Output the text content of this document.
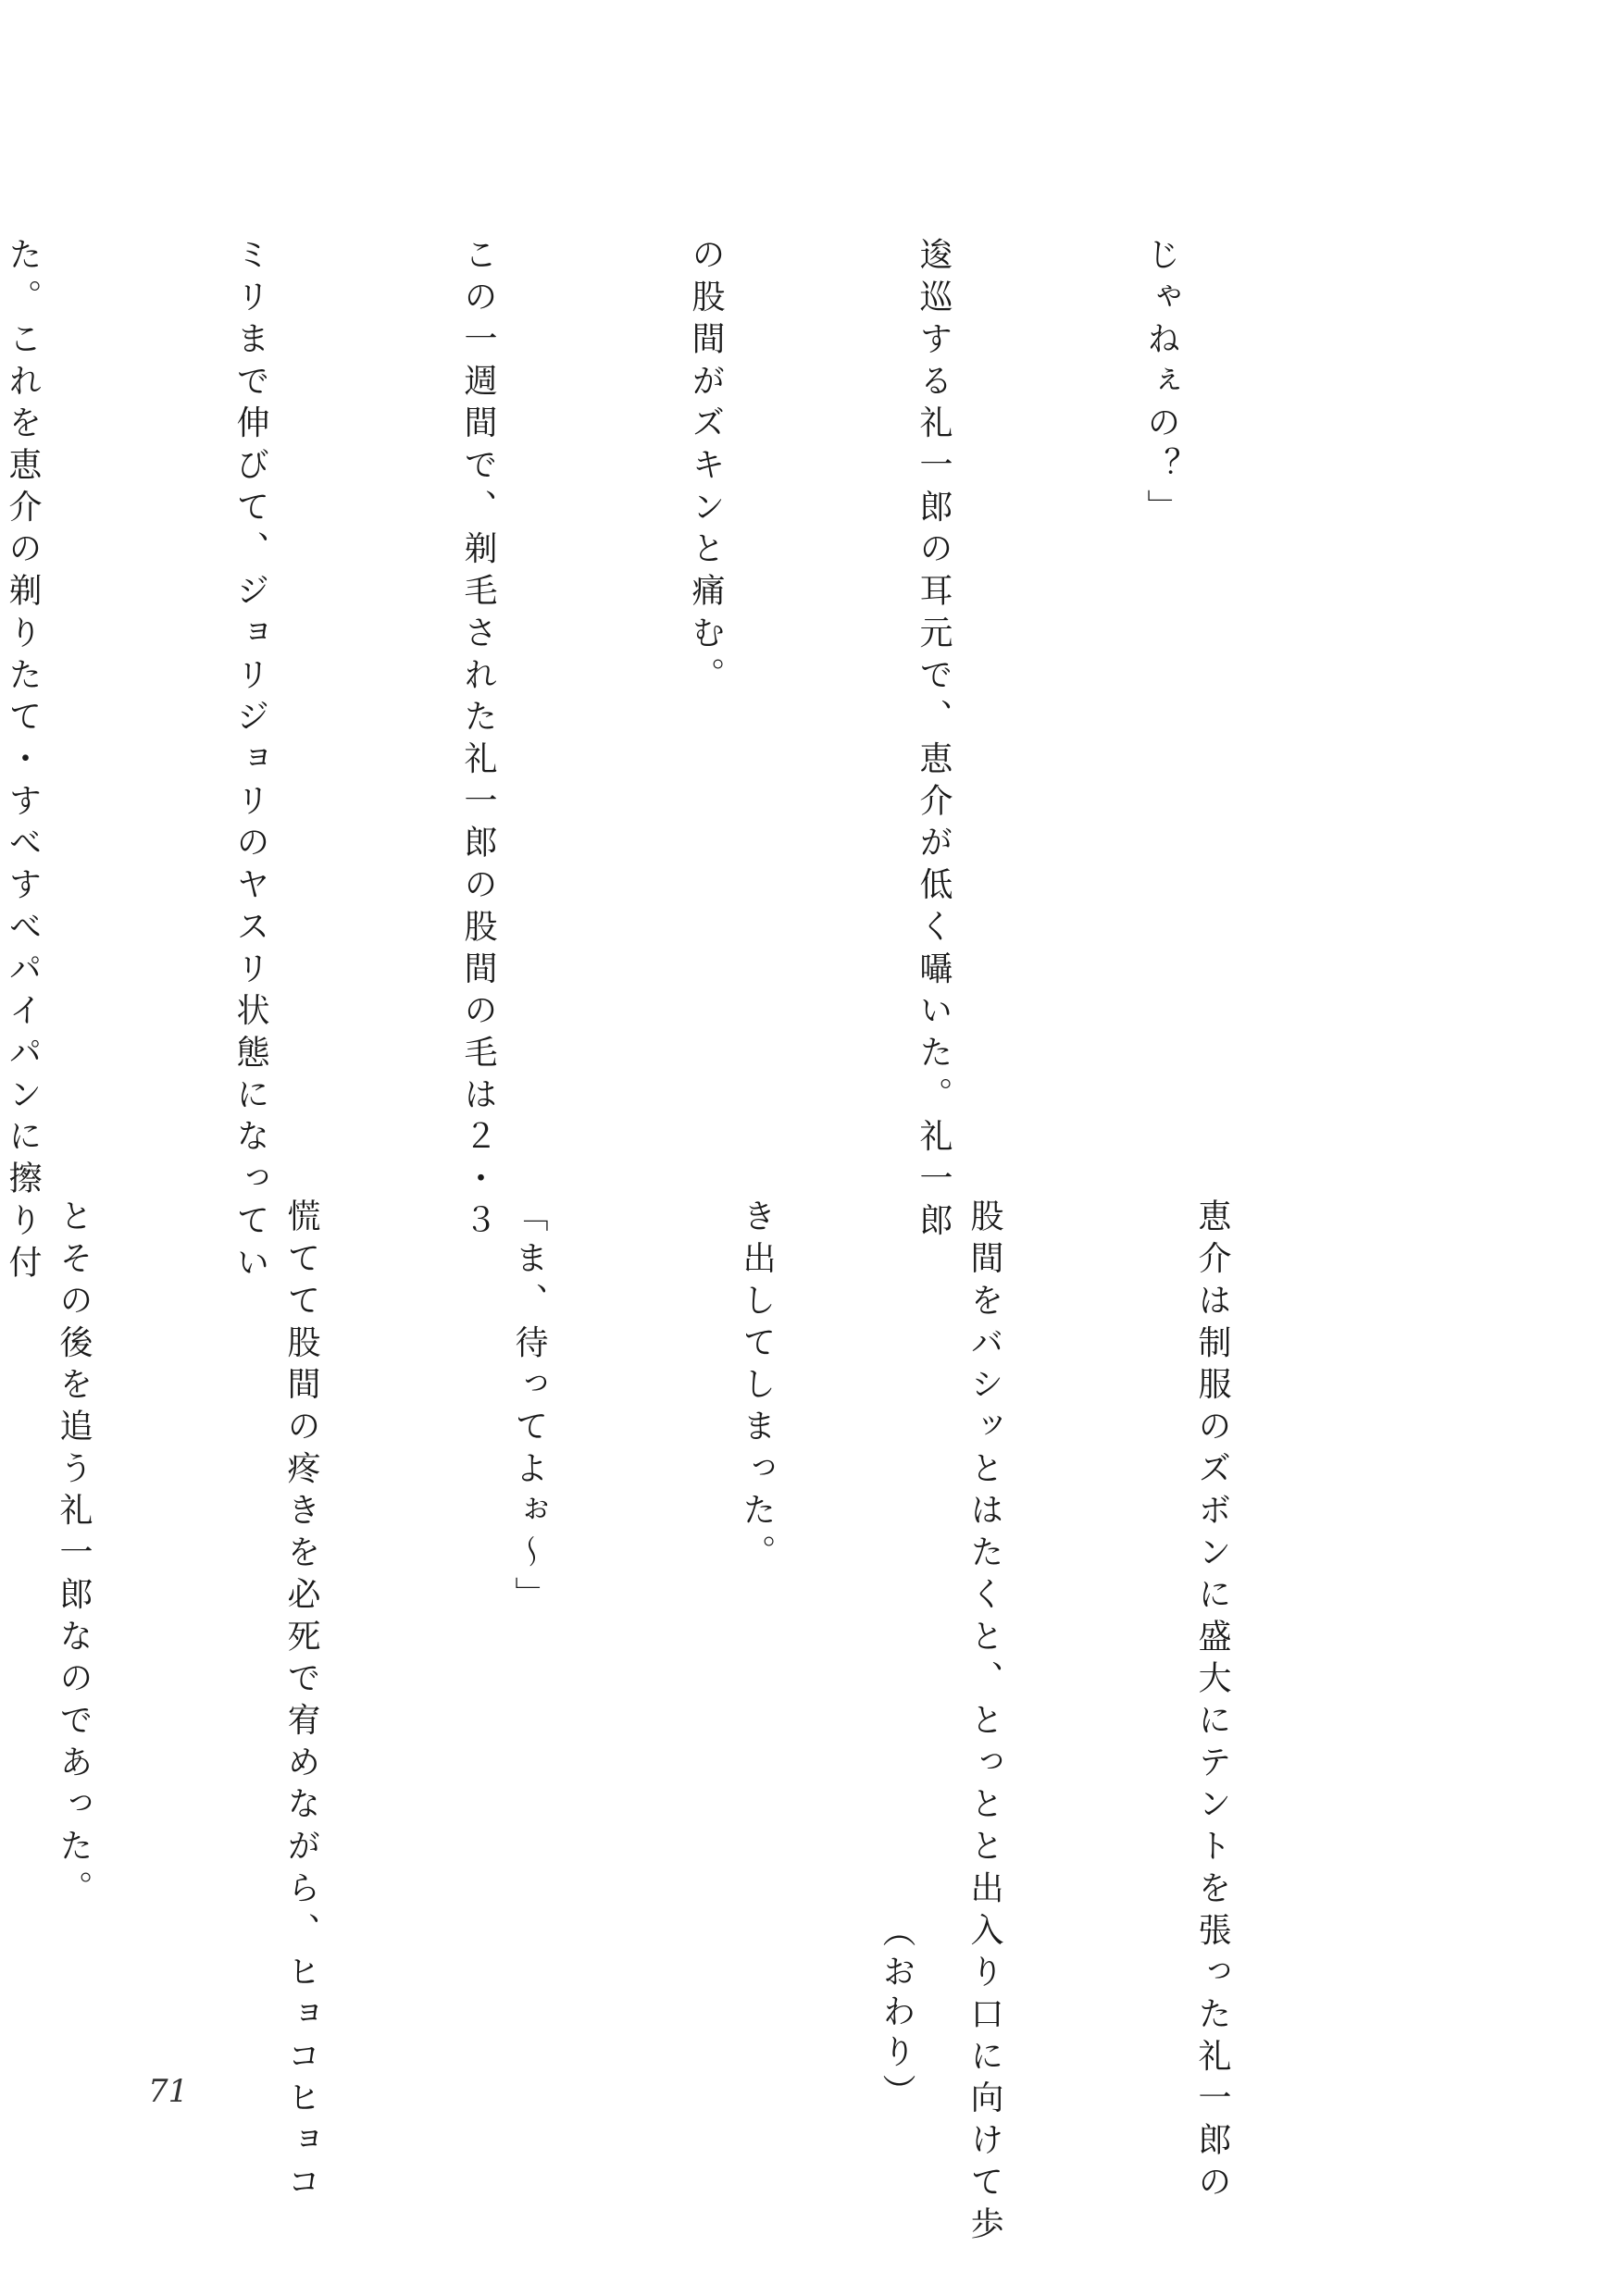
じゃねぇの？」

逡巡する礼一郎の耳元で、恵介が低く囁いた。礼一郎

の股間がズキンと痛む。

この一週間で、剃毛された礼一郎の股間の毛は２・３

ミリまで伸びて、ジョリジョリのヤスリ状態になってい

た。これを恵介の剃りたて・すべすべパイパンに擦り付

恵介は制服のズボンに盛大にテントを張った礼一郎の

股間をバシッとはたくと、とっとと出入り口に向けて歩

き出してしまった。

「ま、待ってよぉ～」

慌てて股間の疼きを必死で宥めながら、ヒョコヒョコ

とその後を追う礼一郎なのであった。

（おわり）
71
